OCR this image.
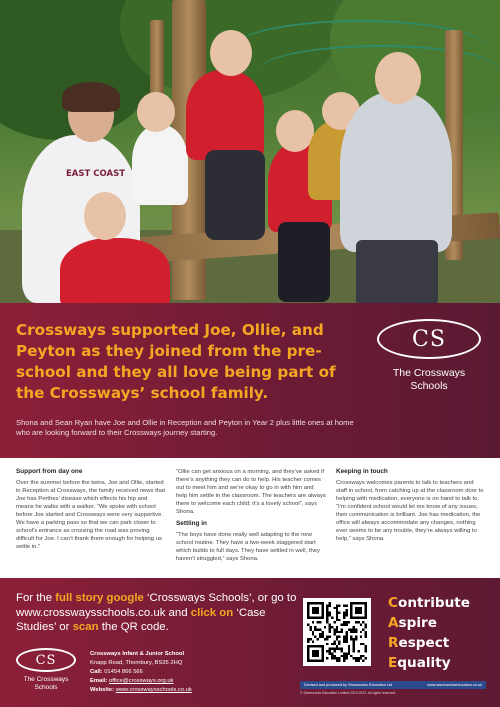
EAST COAST
Crossways supported Joe, Ollie, and Peyton as they joined from the pre-school and they all love being part of the Crossways’ school family.

Shona and Sean Ryan have Joe and Ollie in Reception and Peyton in Year 2 plus little ones at home who are looking forward to their Crossways journey starting.

CS
The Crossways
Schools
Support from day one

Over the summer before the twins, Joe and Ollie, started in Reception at Crossways, the family received news that Joe has Perthes’ disease which effects his hip and means he walks with a walker. “We spoke with school before Joe started and Crossways were very supportive. We have a parking pass so that we can park closer to school’s entrance as crossing the road was proving difficult for Joe. I can’t thank them enough for helping us settle in.”

“Ollie can get anxious on a morning, and they’ve asked if there’s anything they can do to help. His teacher comes out to meet him and we’re okay to go in with him and help him settle in the classroom. The teachers are always there to welcome each child; it’s a lovely school”, says Shona.

Settling in

“The boys have done really well adapting to the new school routine. They have a two-week staggered start which builds to full days. They have settled in well, they haven’t struggled,” says Shona.

Keeping in touch

Crossways welcomes parents to talk to teachers and staff in school, from catching up at the classroom door to helping with medication, everyone is on hand to talk to. “I’m confident school would let me know of any issues, their communication is brilliant. Joe has medication, the office will always accommodate any changes, nothing ever seems to be any trouble, they’re always willing to help,” says Shona.

For the full story google ‘Crossways Schools’, or go to www.crosswaysschools.co.uk and click on ‘Case Studies’ or scan the QR code.

CS
The Crossways
Schools
Crossways Infant & Junior School
Knapp Road, Thornbury, BS35 2HQ
Call: 01454 866 566
Email: office@crossways.org.uk
Website: www.crosswaysschools.co.uk
Contribute
Aspire
Respect
Equality
Devised and produced by Stoneworks Education Ltd	www.stoneworkseducation.co.uk
© Stoneworks Education Limited 2019-2023. All rights reserved.
